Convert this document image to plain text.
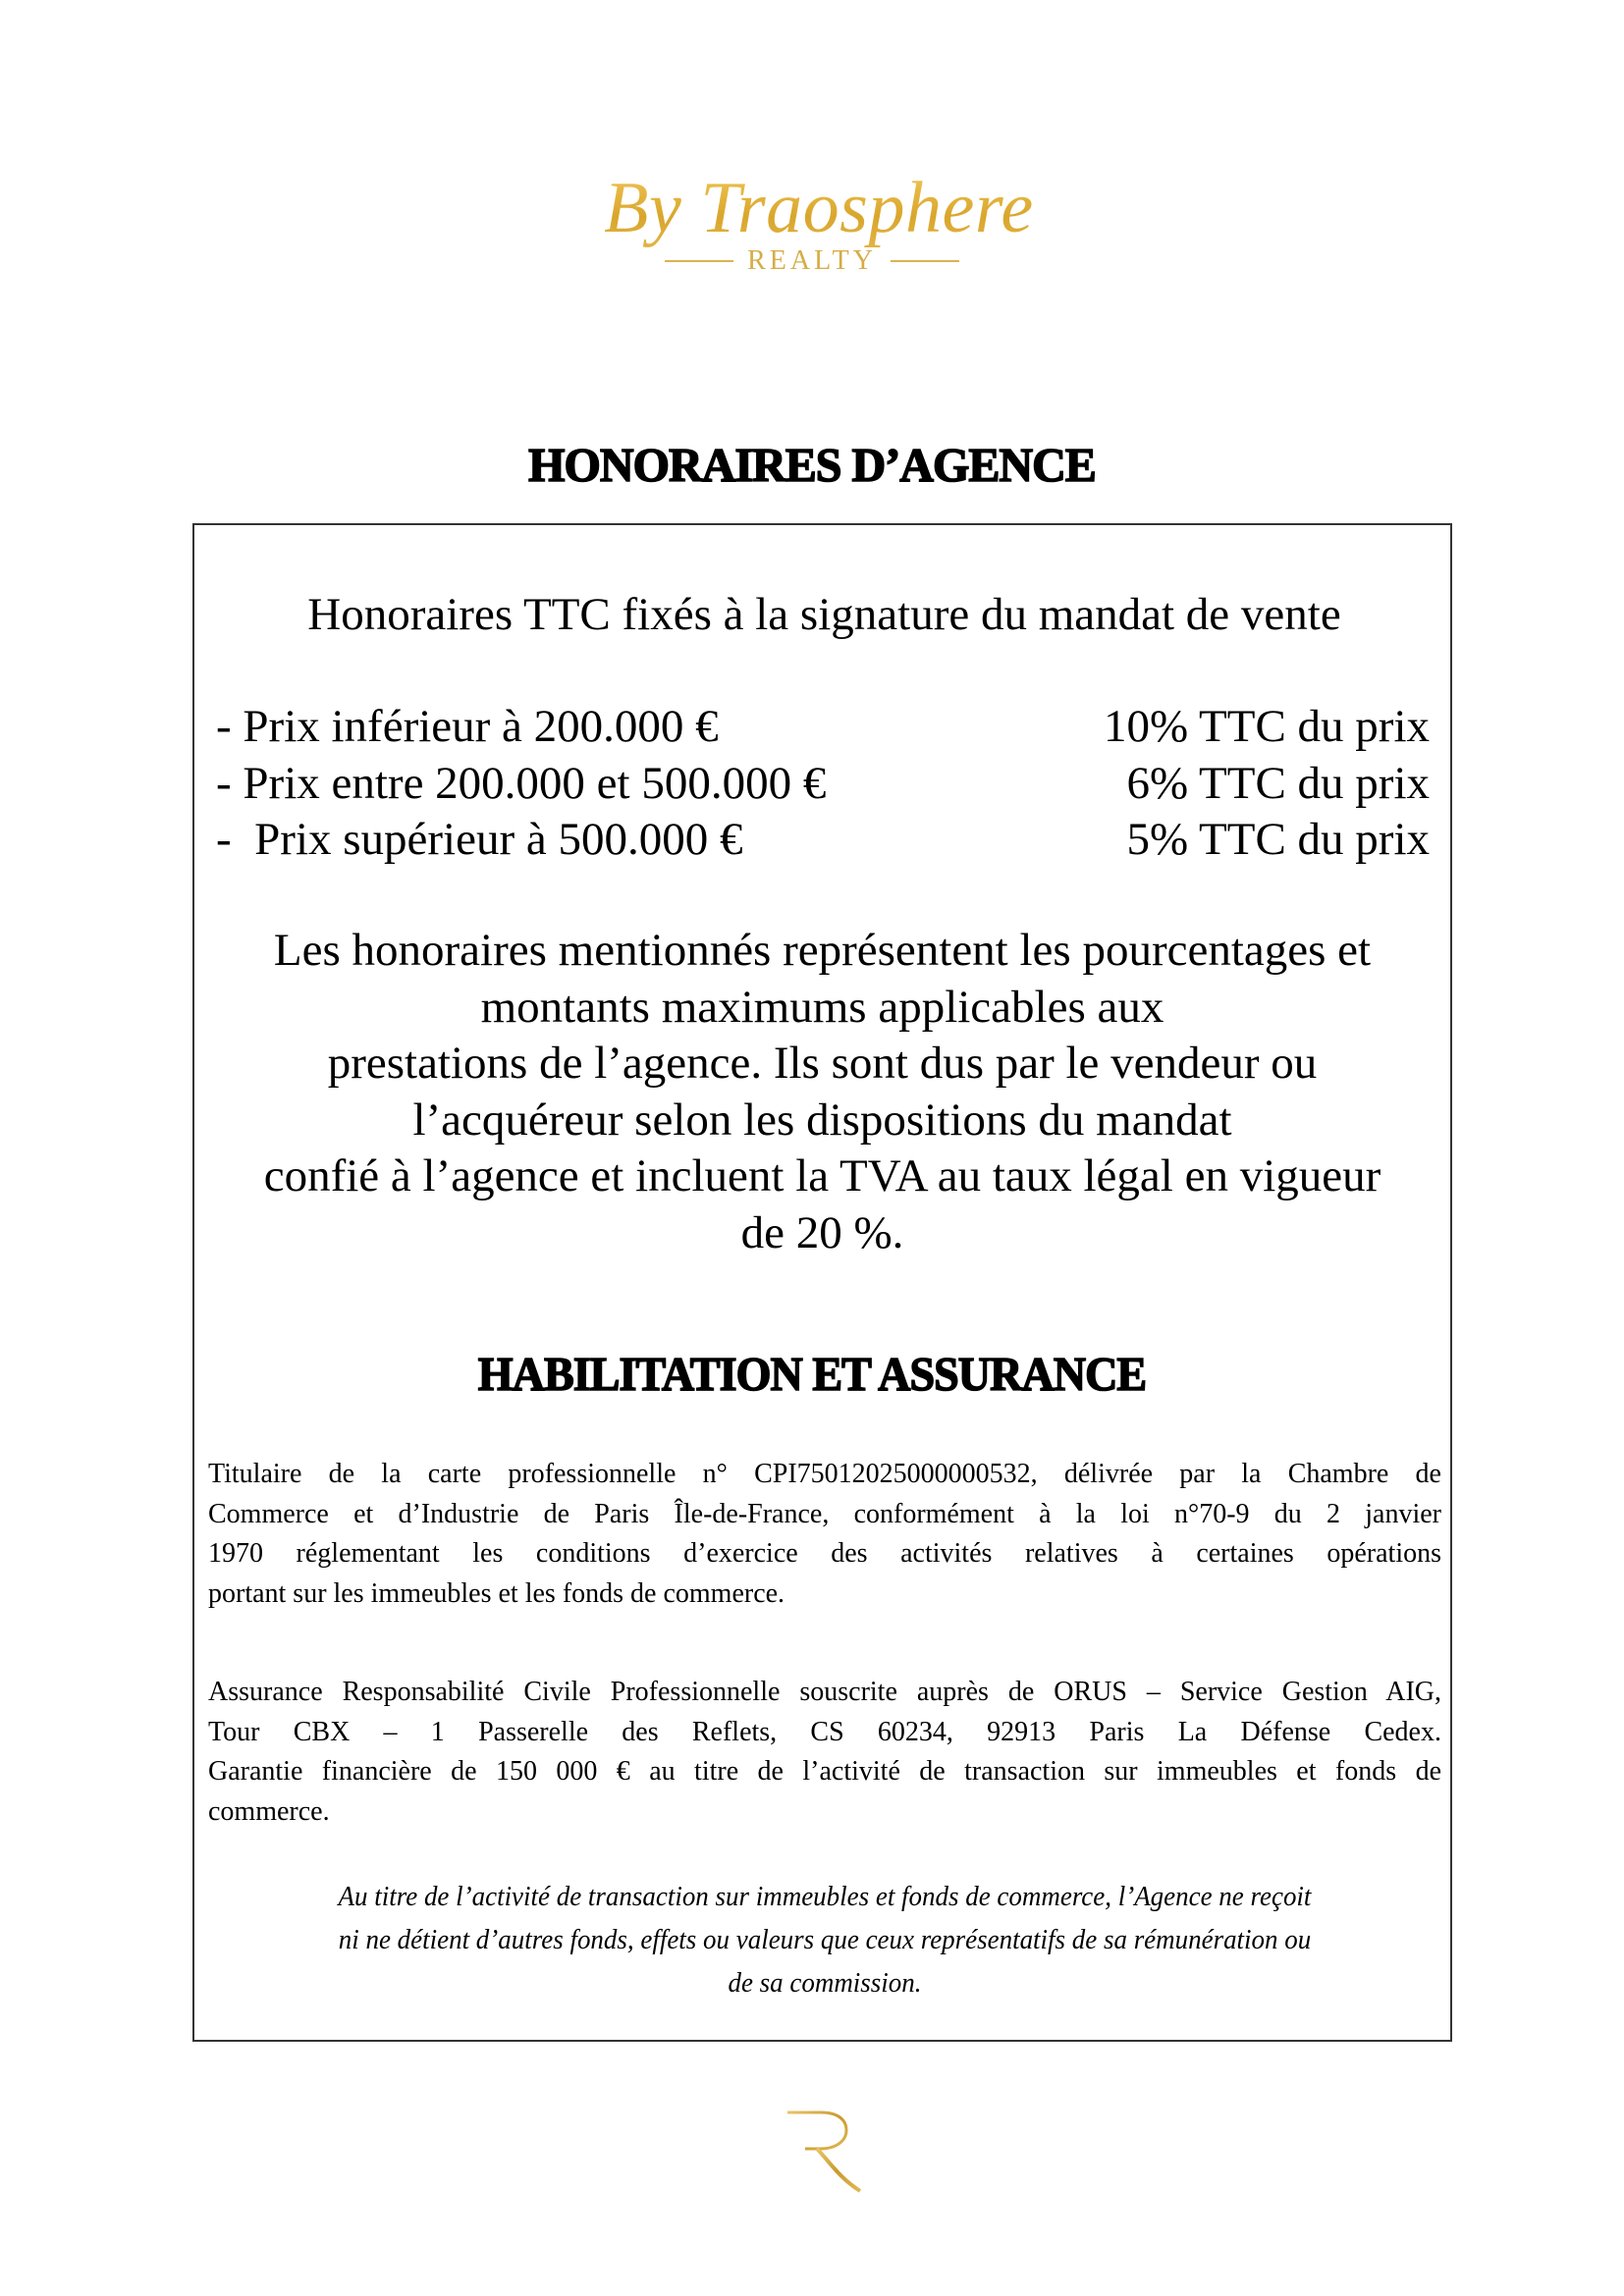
By Traosphere
REALTY
HONORAIRES D’AGENCE
Honoraires TTC fixés à la signature du mandat de vente
- Prix inférieur à 200.000 €	10% TTC du prix
- Prix entre 200.000 et 500.000 €	6% TTC du prix
-  Prix supérieur à 500.000 €	5% TTC du prix
Les honoraires mentionnés représentent les pourcentages et
montants maximums applicables aux
prestations de l’agence. Ils sont dus par le vendeur ou
l’acquéreur selon les dispositions du mandat
confié à l’agence et incluent la TVA au taux légal en vigueur
de 20 %.
HABILITATION ET ASSURANCE
Titulaire de la carte professionnelle n° CPI75012025000000532, délivrée par la Chambre de
Commerce et d’Industrie de Paris Île-de-France, conformément à la loi n°70-9 du 2 janvier
1970 réglementant les conditions d’exercice des activités relatives à certaines opérations
portant sur les immeubles et les fonds de commerce.
Assurance Responsabilité Civile Professionnelle souscrite auprès de ORUS – Service Gestion AIG,
Tour CBX – 1 Passerelle des Reflets, CS 60234, 92913 Paris La Défense Cedex.
Garantie financière de 150 000 € au titre de l’activité de transaction sur immeubles et fonds de
commerce.
Au titre de l’activité de transaction sur immeubles et fonds de commerce, l’Agence ne reçoit
ni ne détient d’autres fonds, effets ou valeurs que ceux représentatifs de sa rémunération ou
de sa commission.
